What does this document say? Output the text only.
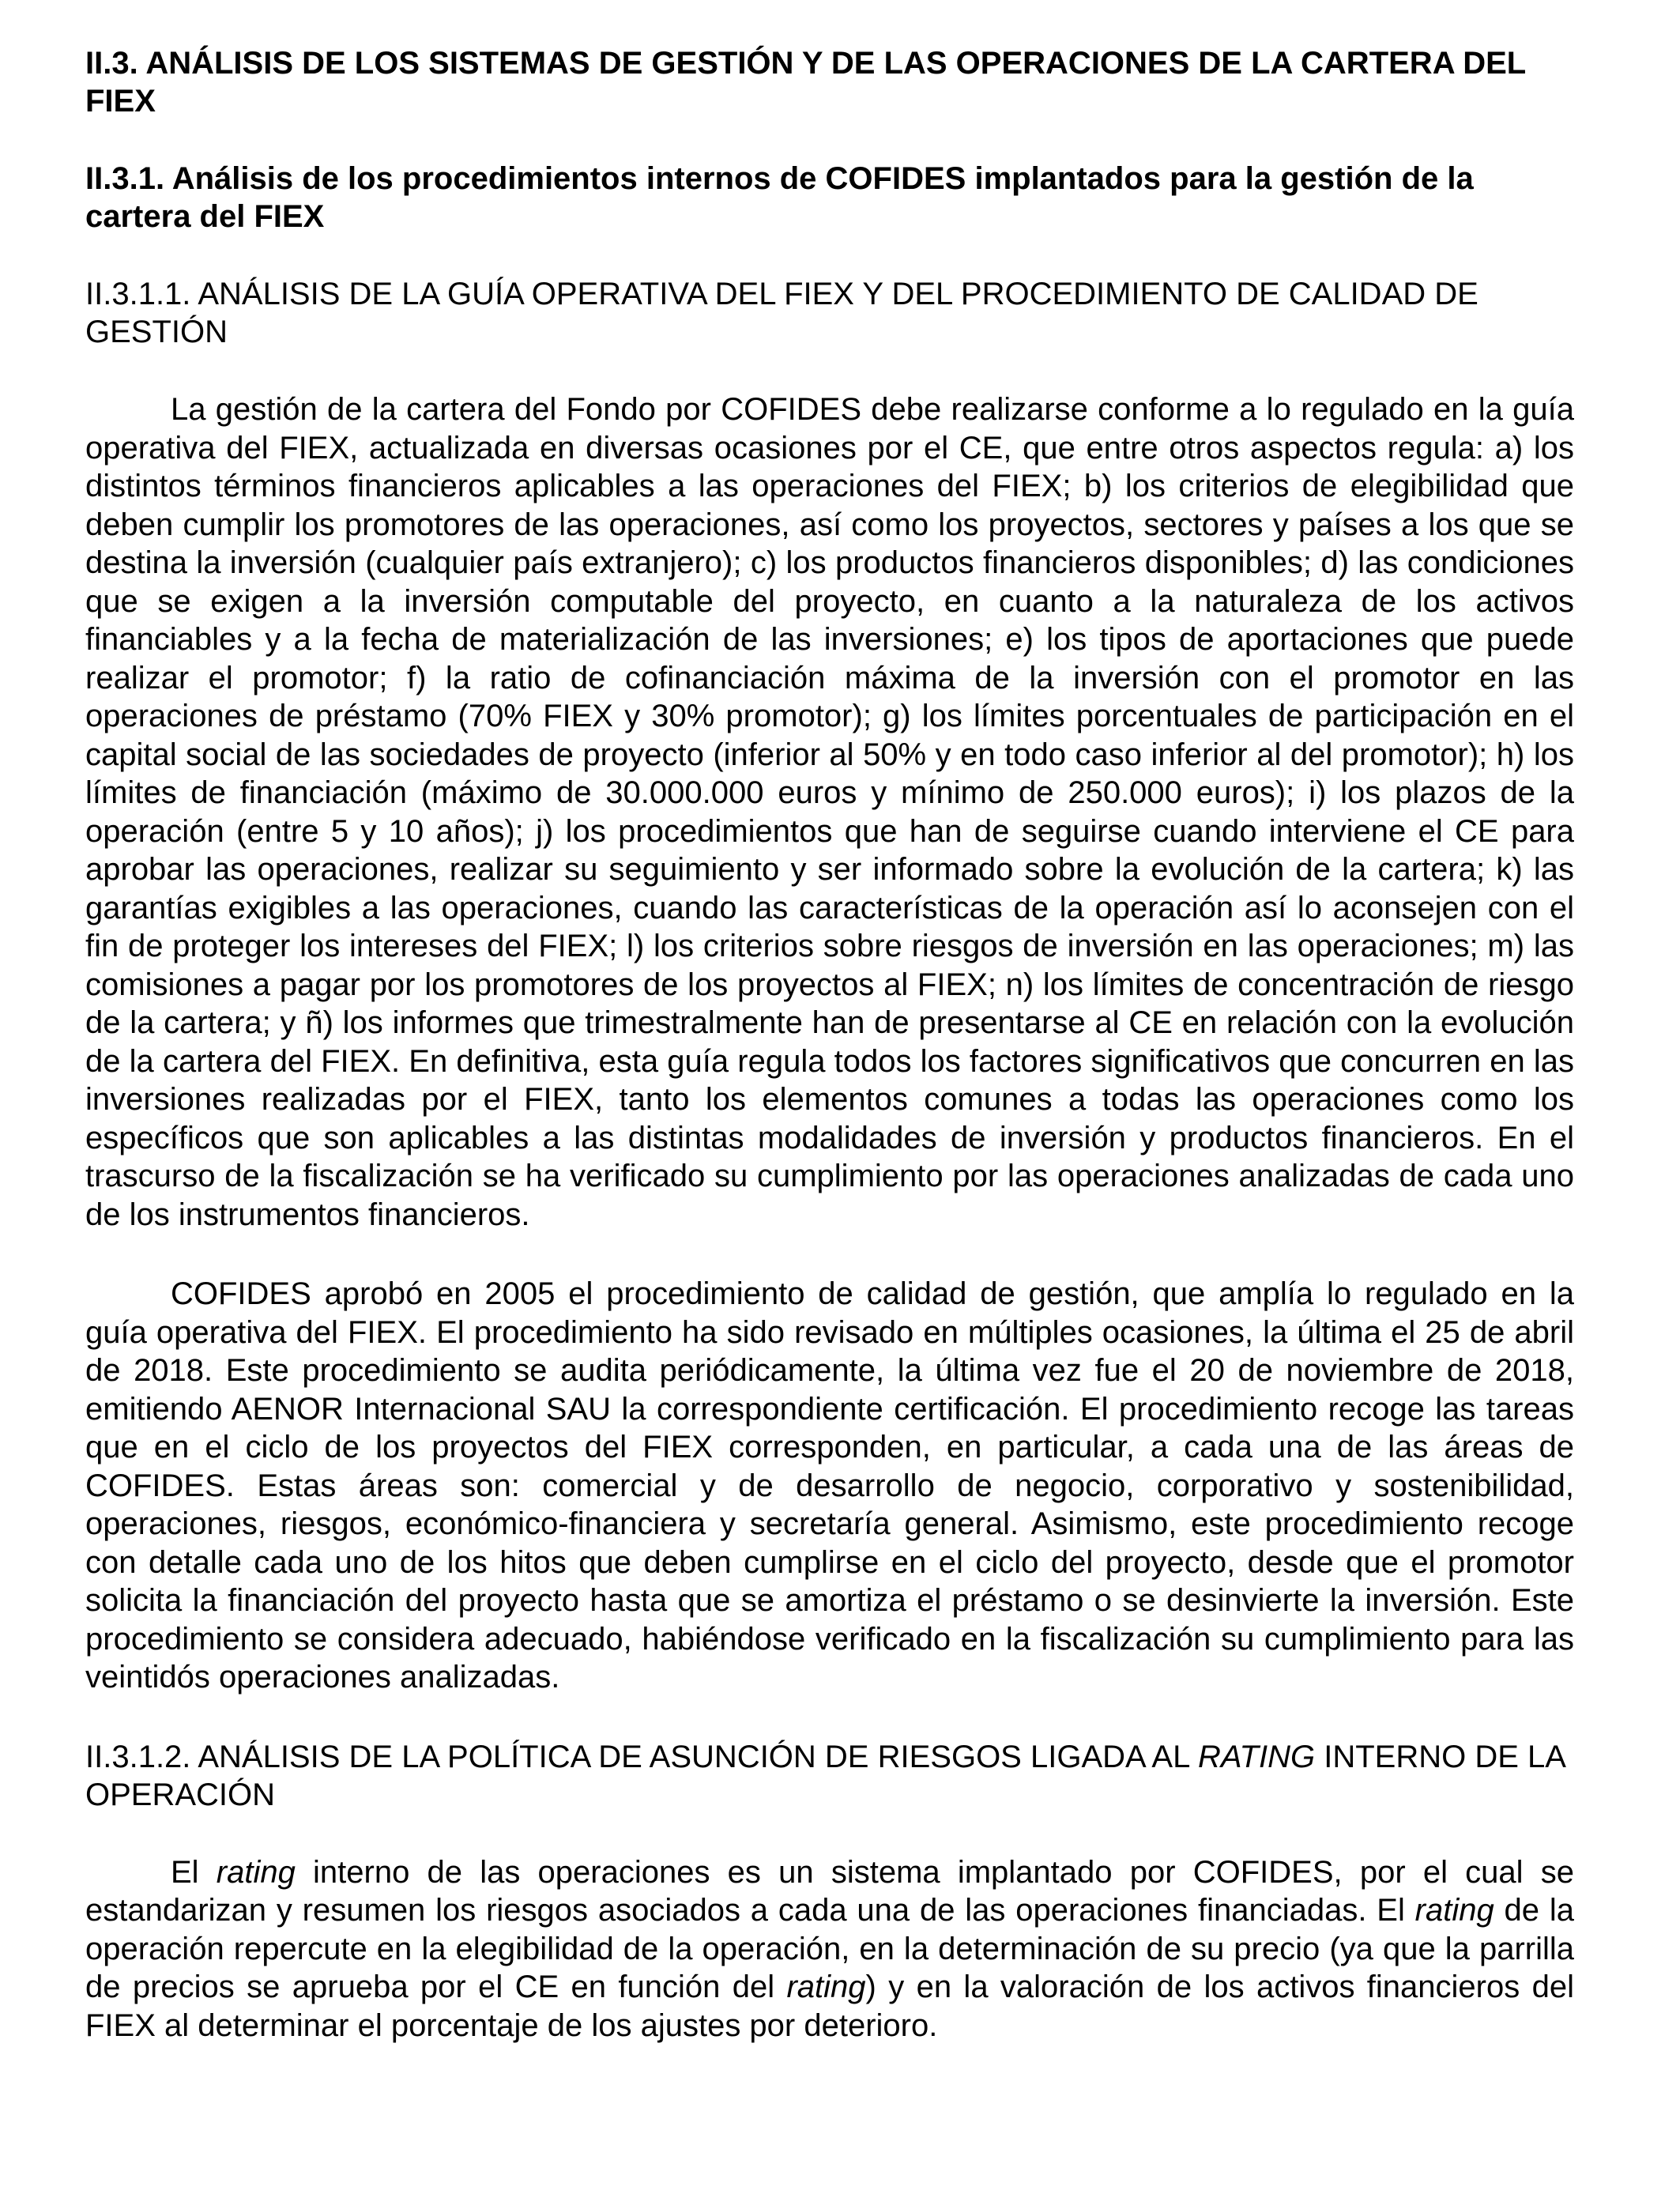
II.3. ANÁLISIS DE LOS SISTEMAS DE GESTIÓN Y DE LAS OPERACIONES DE LA CARTERA DEL FIEX
II.3.1. Análisis de los procedimientos internos de COFIDES implantados para la gestión de la cartera del FIEX
II.3.1.1. ANÁLISIS DE LA GUÍA OPERATIVA DEL FIEX Y DEL PROCEDIMIENTO DE CALIDAD DE GESTIÓN

La gestión de la cartera del Fondo por COFIDES debe realizarse conforme a lo regulado en la guía operativa del FIEX, actualizada en diversas ocasiones por el CE, que entre otros aspectos regula: a) los distintos términos financieros aplicables a las operaciones del FIEX; b) los criterios de elegibilidad que deben cumplir los promotores de las operaciones, así como los proyectos, sectores y países a los que se destina la inversión (cualquier país extranjero); c) los productos financieros disponibles; d) las condiciones que se exigen a la inversión computable del proyecto, en cuanto a la naturaleza de los activos financiables y a la fecha de materialización de las inversiones; e) los tipos de aportaciones que puede realizar el promotor; f) la ratio de cofinanciación máxima de la inversión con el promotor en las operaciones de préstamo (70% FIEX y 30% promotor); g) los límites porcentuales de participación en el capital social de las sociedades de proyecto (inferior al 50% y en todo caso inferior al del promotor); h) los límites de financiación (máximo de 30.000.000 euros y mínimo de 250.000 euros); i) los plazos de la operación (entre 5 y 10 años); j) los procedimientos que han de seguirse cuando interviene el CE para aprobar las operaciones, realizar su seguimiento y ser informado sobre la evolución de la cartera; k) las garantías exigibles a las operaciones, cuando las características de la operación así lo aconsejen con el fin de proteger los intereses del FIEX; l) los criterios sobre riesgos de inversión en las operaciones; m) las comisiones a pagar por los promotores de los proyectos al FIEX; n) los límites de concentración de riesgo de la cartera; y ñ) los informes que trimestralmente han de presentarse al CE en relación con la evolución de la cartera del FIEX. En definitiva, esta guía regula todos los factores significativos que concurren en las inversiones realizadas por el FIEX, tanto los elementos comunes a todas las operaciones como los específicos que son aplicables a las distintas modalidades de inversión y productos financieros. En el trascurso de la fiscalización se ha verificado su cumplimiento por las operaciones analizadas de cada uno de los instrumentos financieros.

COFIDES aprobó en 2005 el procedimiento de calidad de gestión, que amplía lo regulado en la guía operativa del FIEX. El procedimiento ha sido revisado en múltiples ocasiones, la última el 25 de abril de 2018. Este procedimiento se audita periódicamente, la última vez fue el 20 de noviembre de 2018, emitiendo AENOR Internacional SAU la correspondiente certificación. El procedimiento recoge las tareas que en el ciclo de los proyectos del FIEX corresponden, en particular, a cada una de las áreas de COFIDES. Estas áreas son: comercial y de desarrollo de negocio, corporativo y sostenibilidad, operaciones, riesgos, económico-financiera y secretaría general. Asimismo, este procedimiento recoge con detalle cada uno de los hitos que deben cumplirse en el ciclo del proyecto, desde que el promotor solicita la financiación del proyecto hasta que se amortiza el préstamo o se desinvierte la inversión. Este procedimiento se considera adecuado, habiéndose verificado en la fiscalización su cumplimiento para las veintidós operaciones analizadas.

II.3.1.2. ANÁLISIS DE LA POLÍTICA DE ASUNCIÓN DE RIESGOS LIGADA AL RATING INTERNO DE LA OPERACIÓN

El rating interno de las operaciones es un sistema implantado por COFIDES, por el cual se estandarizan y resumen los riesgos asociados a cada una de las operaciones financiadas. El rating de la operación repercute en la elegibilidad de la operación, en la determinación de su precio (ya que la parrilla de precios se aprueba por el CE en función del rating) y en la valoración de los activos financieros del FIEX al determinar el porcentaje de los ajustes por deterioro.
